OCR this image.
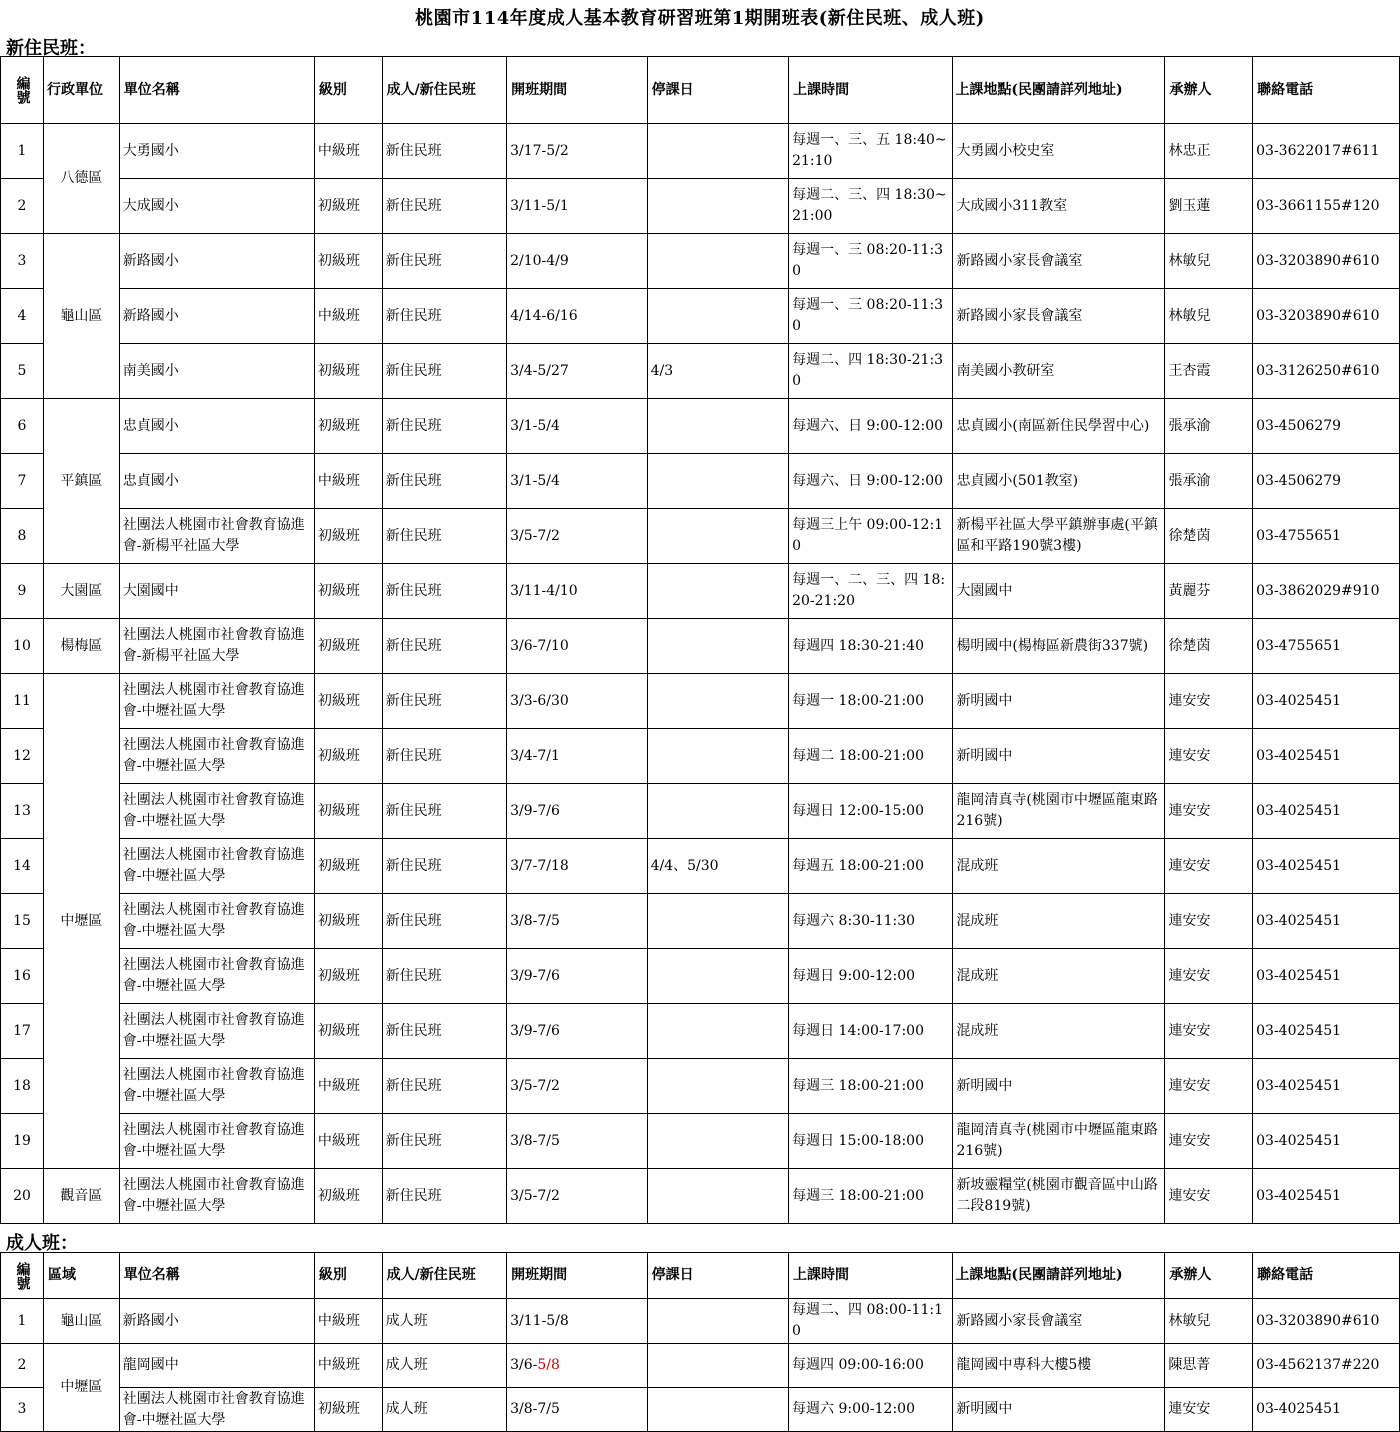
桃園市114年度成人基本教育研習班第1期開班表(新住民班、成人班)
新住民班：
編號	行政單位	單位名稱	級別	成人/新住民班	開班期間	停課日	上課時間	上課地點(民團請詳列地址)	承辦人	聯絡電話
1	八德區	大勇國小	中級班	新住民班	3/17-5/2		每週一、三、五 18:40~21:10	大勇國小校史室	林忠正	03-3622017#611
2		大成國小	初級班	新住民班	3/11-5/1		每週二、三、四 18:30~21:00	大成國小311教室	劉玉蓮	03-3661155#120
3	龜山區	新路國小	初級班	新住民班	2/10-4/9		每週一、三 08:20-11:30	新路國小家長會議室	林敏兒	03-3203890#610
4		新路國小	中級班	新住民班	4/14-6/16		每週一、三 08:20-11:30	新路國小家長會議室	林敏兒	03-3203890#610
5		南美國小	初級班	新住民班	3/4-5/27	4/3	每週二、四 18:30-21:30	南美國小教研室	王杏霞	03-3126250#610
6	平鎮區	忠貞國小	初級班	新住民班	3/1-5/4		每週六、日 9:00-12:00	忠貞國小(南區新住民學習中心)	張承渝	03-4506279
7		忠貞國小	中級班	新住民班	3/1-5/4		每週六、日 9:00-12:00	忠貞國小(501教室)	張承渝	03-4506279
8		社團法人桃園市社會教育協進會-新楊平社區大學	初級班	新住民班	3/5-7/2		每週三上午 09:00-12:10	新楊平社區大學平鎮辦事處(平鎮區和平路190號3樓)	徐楚茵	03-4755651
9	大園區	大園國中	初級班	新住民班	3/11-4/10		每週一、二、三、四 18:20-21:20	大園國中	黃麗芬	03-3862029#910
10	楊梅區	社團法人桃園市社會教育協進會-新楊平社區大學	初級班	新住民班	3/6-7/10		每週四 18:30-21:40	楊明國中(楊梅區新農街337號)	徐楚茵	03-4755651
11	中壢區	社團法人桃園市社會教育協進會-中壢社區大學	初級班	新住民班	3/3-6/30		每週一 18:00-21:00	新明國中	連安安	03-4025451
12		社團法人桃園市社會教育協進會-中壢社區大學	初級班	新住民班	3/4-7/1		每週二 18:00-21:00	新明國中	連安安	03-4025451
13		社團法人桃園市社會教育協進會-中壢社區大學	初級班	新住民班	3/9-7/6		每週日 12:00-15:00	龍岡清真寺(桃園市中壢區龍東路216號)	連安安	03-4025451
14		社團法人桃園市社會教育協進會-中壢社區大學	初級班	新住民班	3/7-7/18	4/4、5/30	每週五 18:00-21:00	混成班	連安安	03-4025451
15		社團法人桃園市社會教育協進會-中壢社區大學	初級班	新住民班	3/8-7/5		每週六 8:30-11:30	混成班	連安安	03-4025451
16		社團法人桃園市社會教育協進會-中壢社區大學	初級班	新住民班	3/9-7/6		每週日 9:00-12:00	混成班	連安安	03-4025451
17		社團法人桃園市社會教育協進會-中壢社區大學	初級班	新住民班	3/9-7/6		每週日 14:00-17:00	混成班	連安安	03-4025451
18		社團法人桃園市社會教育協進會-中壢社區大學	中級班	新住民班	3/5-7/2		每週三 18:00-21:00	新明國中	連安安	03-4025451
19		社團法人桃園市社會教育協進會-中壢社區大學	中級班	新住民班	3/8-7/5		每週日 15:00-18:00	龍岡清真寺(桃園市中壢區龍東路216號)	連安安	03-4025451
20	觀音區	社團法人桃園市社會教育協進會-中壢社區大學	初級班	新住民班	3/5-7/2		每週三 18:00-21:00	新坡靈糧堂(桃園市觀音區中山路二段819號)	連安安	03-4025451
成人班：
編號	區域	單位名稱	級別	成人/新住民班	開班期間	停課日	上課時間	上課地點(民團請詳列地址)	承辦人	聯絡電話
1	龜山區	新路國小	中級班	成人班	3/11-5/8		每週二、四 08:00-11:10	新路國小家長會議室	林敏兒	03-3203890#610
2	中壢區	龍岡國中	中級班	成人班	3/6-5/8		每週四 09:00-16:00	龍岡國中專科大樓5樓	陳思菁	03-4562137#220
3		社團法人桃園市社會教育協進會-中壢社區大學	初級班	成人班	3/8-7/5		每週六 9:00-12:00	新明國中	連安安	03-4025451
